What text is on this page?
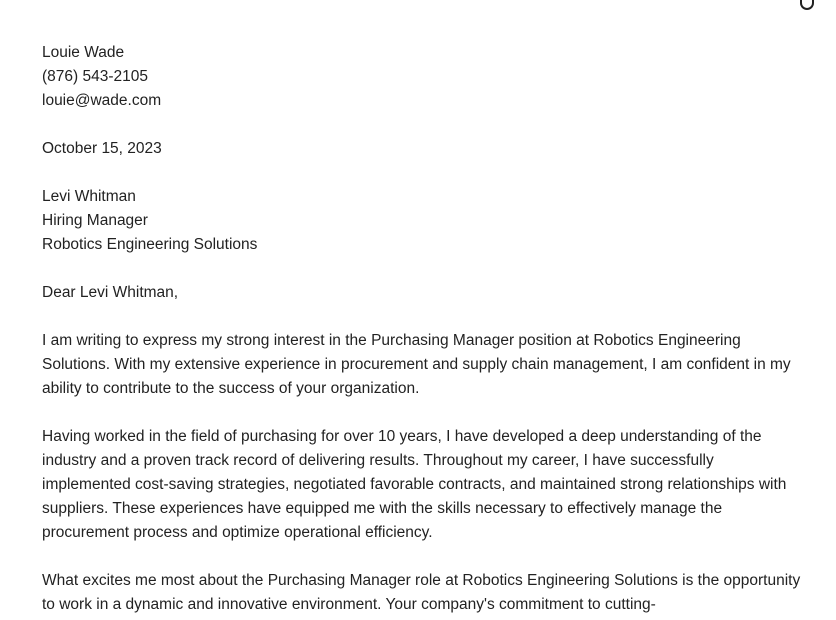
Louie Wade
(876) 543-2105
louie@wade.com
October 15, 2023
Levi Whitman
Hiring Manager
Robotics Engineering Solutions
Dear Levi Whitman,

I am writing to express my strong interest in the Purchasing Manager position at Robotics Engineering Solutions. With my extensive experience in procurement and supply chain management, I am confident in my ability to contribute to the success of your organization.

Having worked in the field of purchasing for over 10 years, I have developed a deep understanding of the industry and a proven track record of delivering results. Throughout my career, I have successfully implemented cost-saving strategies, negotiated favorable contracts, and maintained strong relationships with suppliers. These experiences have equipped me with the skills necessary to effectively manage the procurement process and optimize operational efficiency.

What excites me most about the Purchasing Manager role at Robotics Engineering Solutions is the opportunity to work in a dynamic and innovative environment. Your company's commitment to cutting-
